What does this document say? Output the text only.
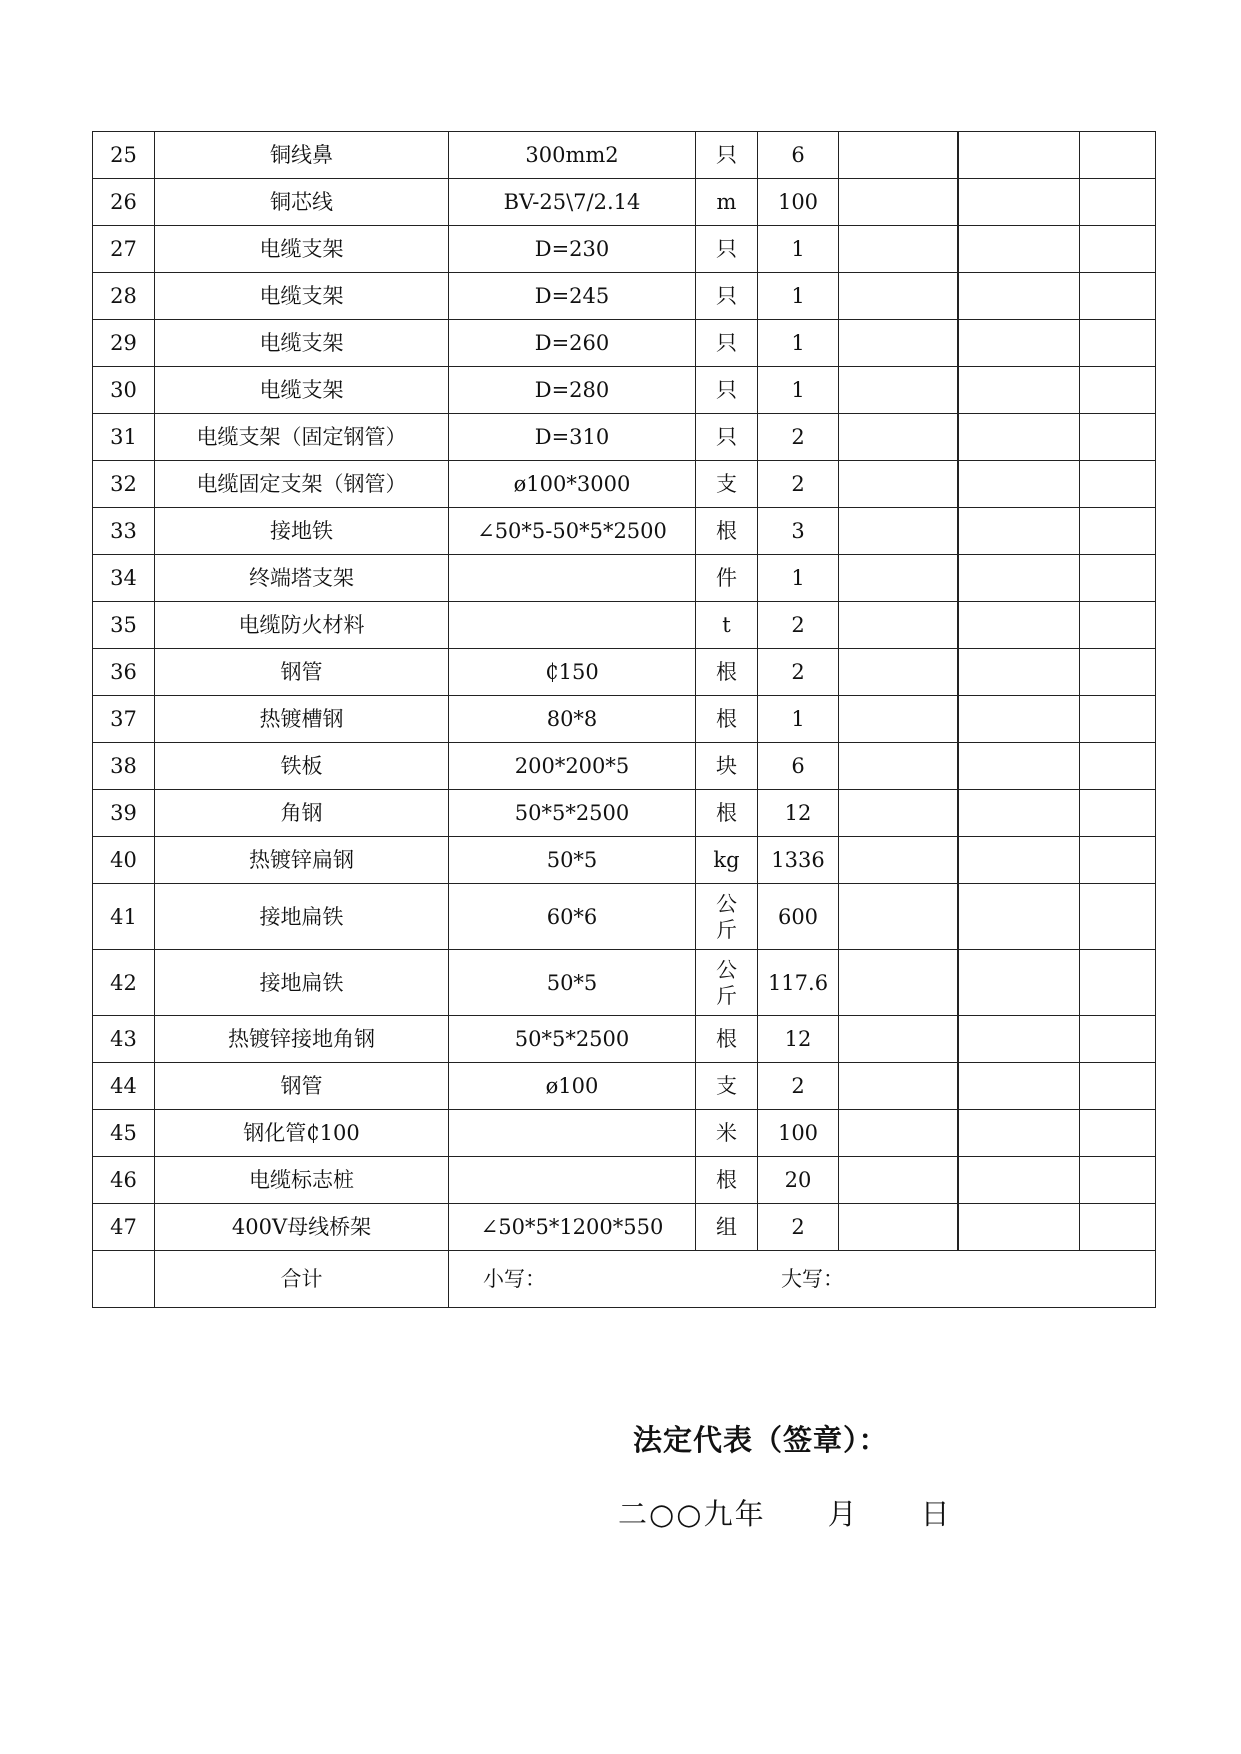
25	铜线鼻	300mm2	只	6			
26	铜芯线	BV-25\7/2.14	m	100			
27	电缆支架	D=230	只	1			
28	电缆支架	D=245	只	1			
29	电缆支架	D=260	只	1			
30	电缆支架	D=280	只	1			
31	电缆支架（固定钢管）	D=310	只	2			
32	电缆固定支架（钢管）	ø100*3000	支	2			
33	接地铁	∠50*5-50*5*2500	根	3			
34	终端塔支架		件	1			
35	电缆防火材料		t	2			
36	钢管	₵150	根	2			
37	热镀槽钢	80*8	根	1			
38	铁板	200*200*5	块	6			
39	角钢	50*5*2500	根	12			
40	热镀锌扁钢	50*5	kg	1336			
41	接地扁铁	60*6	公斤	600			
42	接地扁铁	50*5	公斤	117.6			
43	热镀锌接地角钢	50*5*2500	根	12			
44	钢管	ø100	支	2			
45	钢化管₵100		米	100			
46	电缆标志桩		根	20			
47	400V母线桥架	∠50*5*1200*550	组	2			
	合计	小写： 大写：					
法定代表（签章）：
二○○九年　　月　　日
